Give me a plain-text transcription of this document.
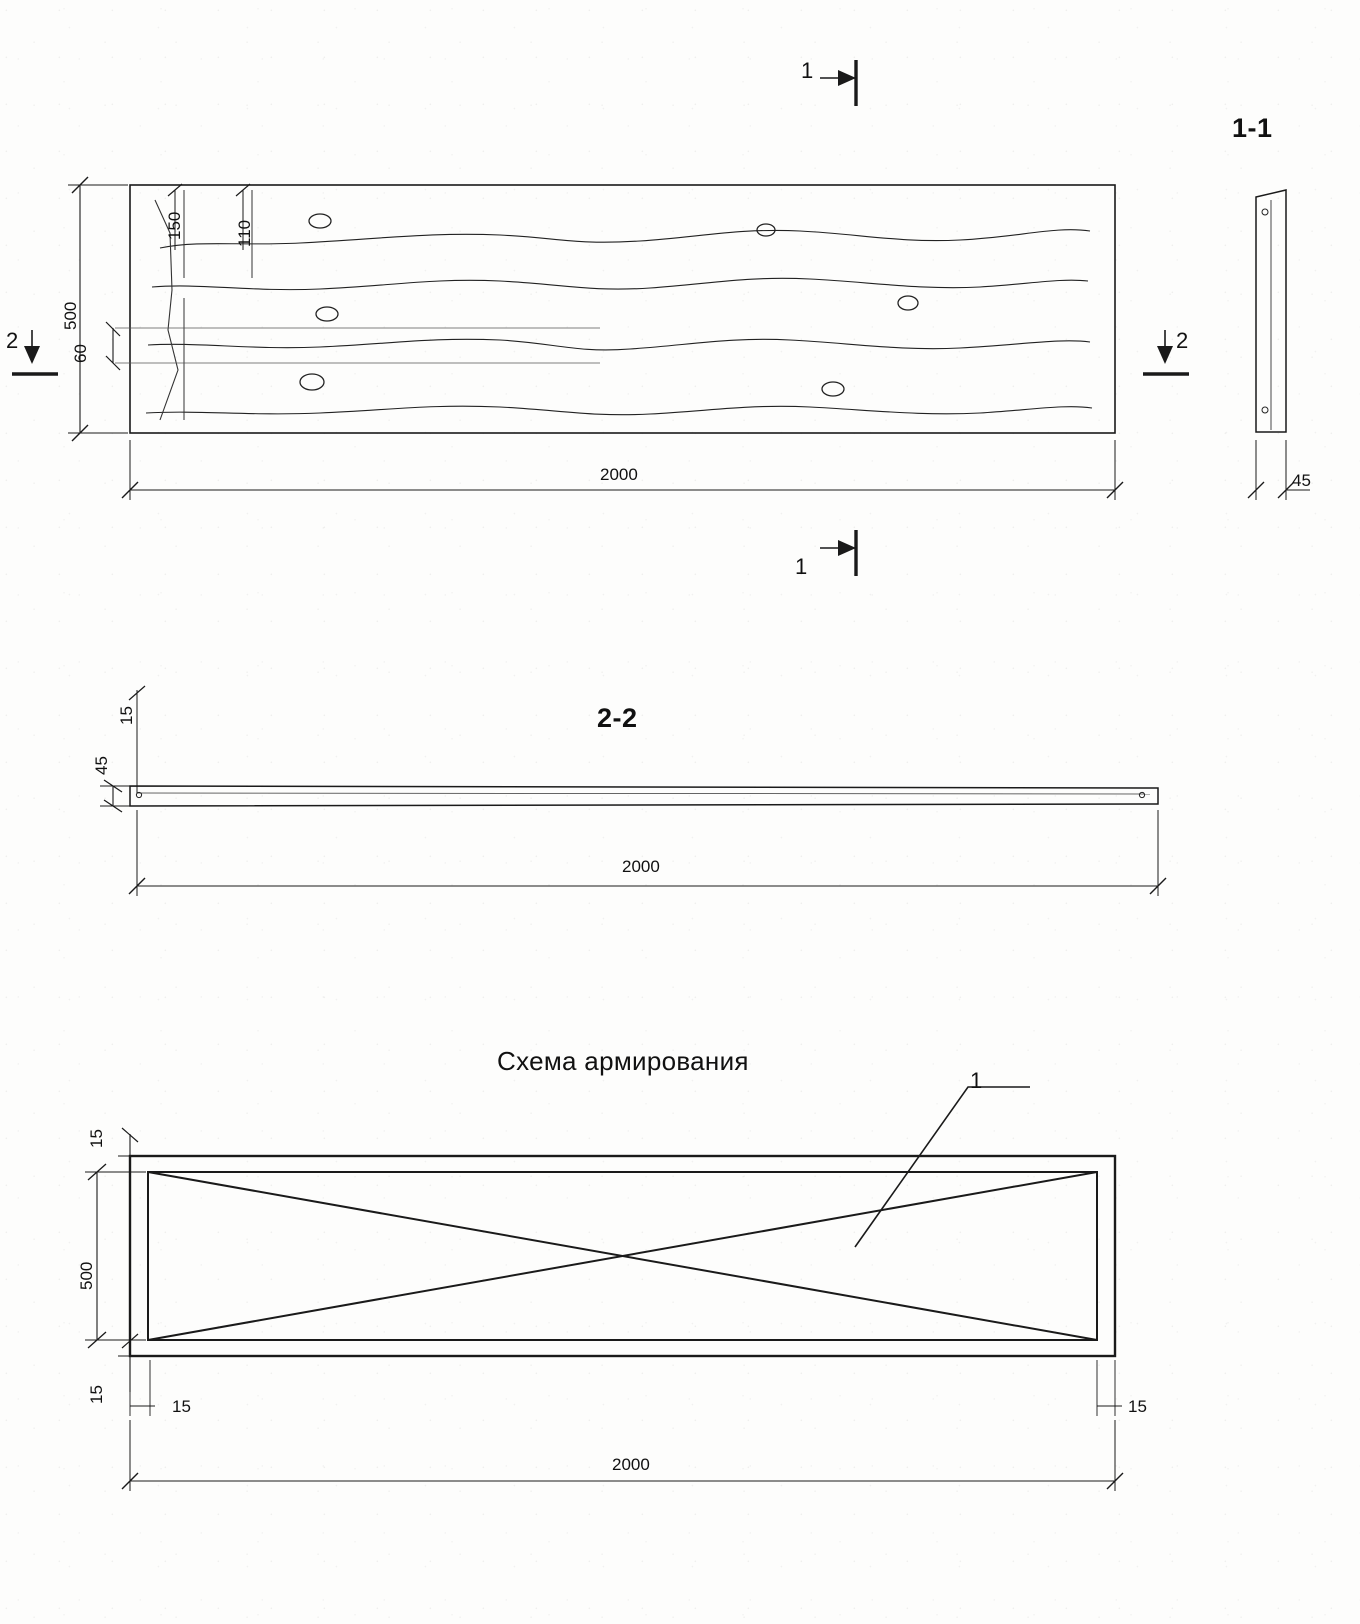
1
1
2	2
500
60
150	110
2000
1-1
45
2-2
45
15
2000
Схема армирования
1
500
15
15
15	15
2000
